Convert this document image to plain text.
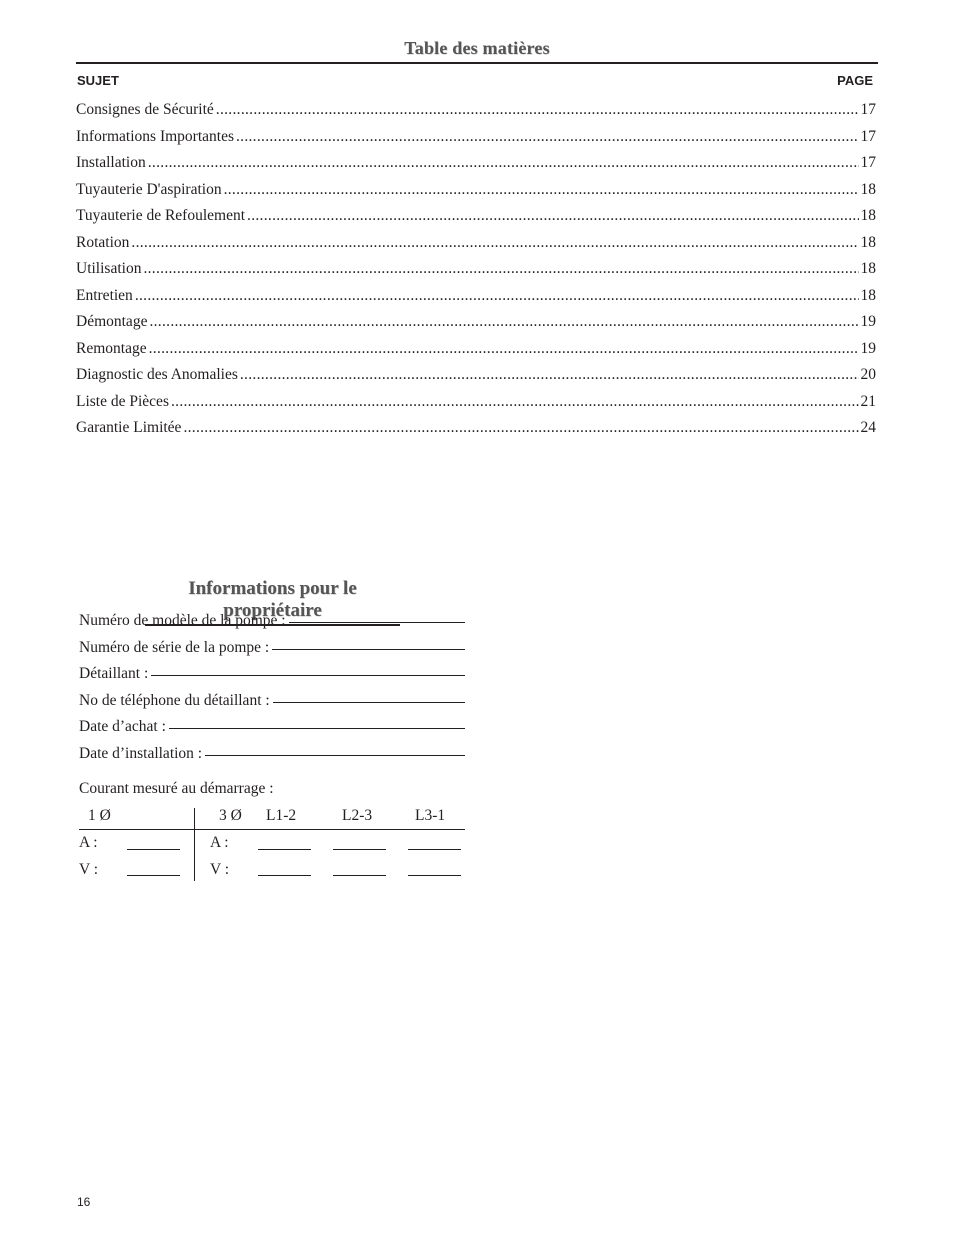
Table des matières
SUJET	PAGE
Consignes de Sécurité .....	17
Informations Importantes .....	17
Installation .....	17
Tuyauterie D'aspiration .....	18
Tuyauterie de Refoulement .....	18
Rotation .....	18
Utilisation .....	18
Entretien .....	18
Démontage .....	19
Remontage .....	19
Diagnostic des Anomalies .....	20
Liste de Pièces .....	21
Garantie Limitée .....	24
Informations pour le propriétaire
Numéro de modèle de la pompe :
Numéro de série de la pompe :
Détaillant :
No de téléphone du détaillant :
Date d’achat :
Date d’installation :
Courant mesuré au démarrage :
1 Ø	3 Ø L1-2	L2-3	L3-1
A :	A :
V :	V :
16
